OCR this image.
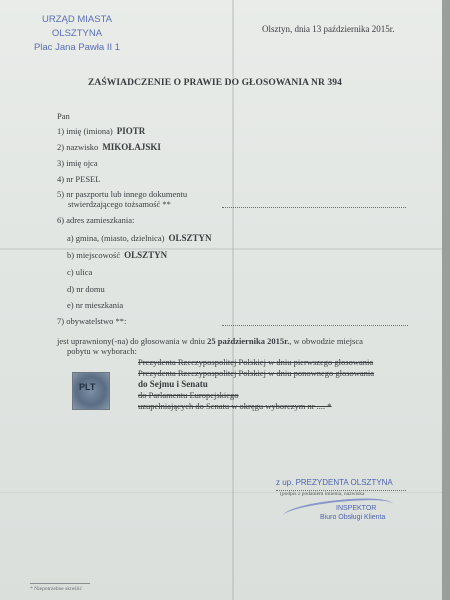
URZĄD MIASTA OLSZTYNA
Plac Jana Pawła II 1
Olsztyn, dnia 13 października 2015r.
ZAŚWIADCZENIE O PRAWIE DO GŁOSOWANIA NR 394
Pan
1) imię (imiona) PIOTR
2) nazwisko MIKOŁAJSKI
3) imię ojca
4) nr PESEL
5) nr paszportu lub innego dokumentu
stwierdzającego tożsamość **
6) adres zamieszkania:
a) gmina, (miasto, dzielnica) OLSZTYN
b) miejscowość OLSZTYN
c) ulica
d) nr domu
e) nr mieszkania
7) obywatelstwo **:
jest uprawniony(-na) do głosowania w dniu 25 października 2015r., w obwodzie miejsca
pobytu w wyborach:
Prezydenta Rzeczypospolitej Polskiej w dniu pierwszego głosowania
Prezydenta Rzeczypospolitej Polskiej w dniu ponownego głosowania
do Sejmu i Senatu
do Parlamentu Europejskiego
uzupełniających do Senatu w okręgu wyborczym nr .... *
PLT
z up. PREZYDENTA OLSZTYNA
(podpis z podaniem imienia, nazwiska
INSPEKTOR
Biuro Obsługi Klienta
* Niepotrzebne skreślić
